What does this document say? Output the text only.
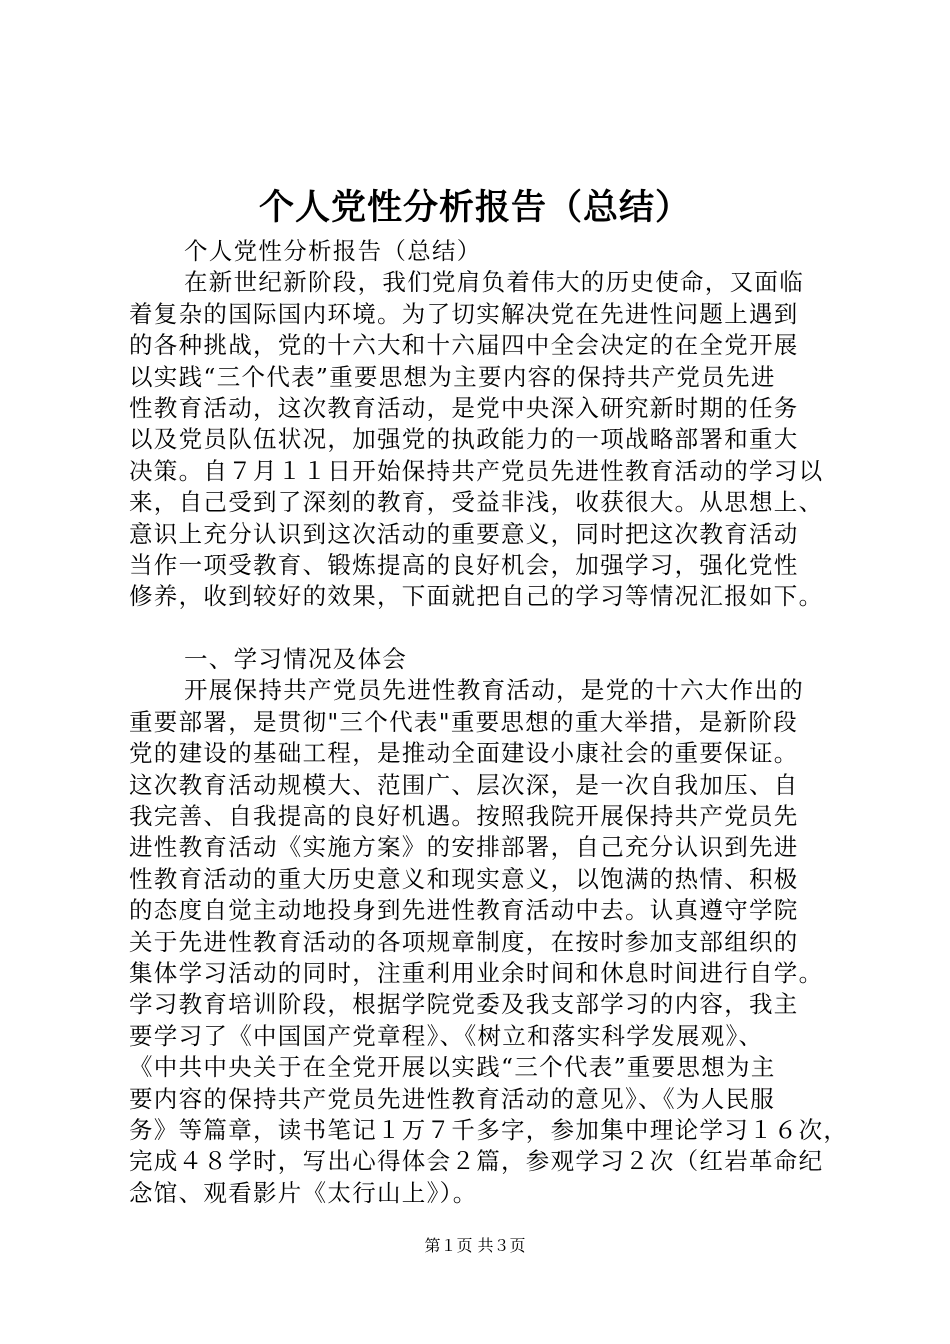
个人党性分析报告（总结）
个人党性分析报告（总结）
在新世纪新阶段，我们党肩负着伟大的历史使命，又面临
着复杂的国际国内环境。为了切实解决党在先进性问题上遇到
的各种挑战，党的十六大和十六届四中全会决定的在全党开展
以实践“三个代表”重要思想为主要内容的保持共产党员先进
性教育活动，这次教育活动，是党中央深入研究新时期的任务
以及党员队伍状况，加强党的执政能力的一项战略部署和重大
决策。自７月１１日开始保持共产党员先进性教育活动的学习以
来，自己受到了深刻的教育，受益非浅，收获很大。从思想上、
意识上充分认识到这次活动的重要意义，同时把这次教育活动
当作一项受教育、锻炼提高的良好机会，加强学习，强化党性
修养，收到较好的效果，下面就把自己的学习等情况汇报如下。
一、学习情况及体会
开展保持共产党员先进性教育活动，是党的十六大作出的
重要部署，是贯彻"三个代表"重要思想的重大举措，是新阶段
党的建设的基础工程，是推动全面建设小康社会的重要保证。
这次教育活动规模大、范围广、层次深，是一次自我加压、自
我完善、自我提高的良好机遇。按照我院开展保持共产党员先
进性教育活动《实施方案》的安排部署，自己充分认识到先进
性教育活动的重大历史意义和现实意义，以饱满的热情、积极
的态度自觉主动地投身到先进性教育活动中去。认真遵守学院
关于先进性教育活动的各项规章制度，在按时参加支部组织的
集体学习活动的同时，注重利用业余时间和休息时间进行自学。
学习教育培训阶段，根据学院党委及我支部学习的内容，我主
要学习了《中国国产党章程》、《树立和落实科学发展观》、
《中共中央关于在全党开展以实践“三个代表”重要思想为主
要内容的保持共产党员先进性教育活动的意见》、《为人民服
务》等篇章，读书笔记１万７千多字，参加集中理论学习１６次，
完成４８学时，写出心得体会２篇，参观学习２次（红岩革命纪
念馆、观看影片《太行山上》）。
第１页 共３页
